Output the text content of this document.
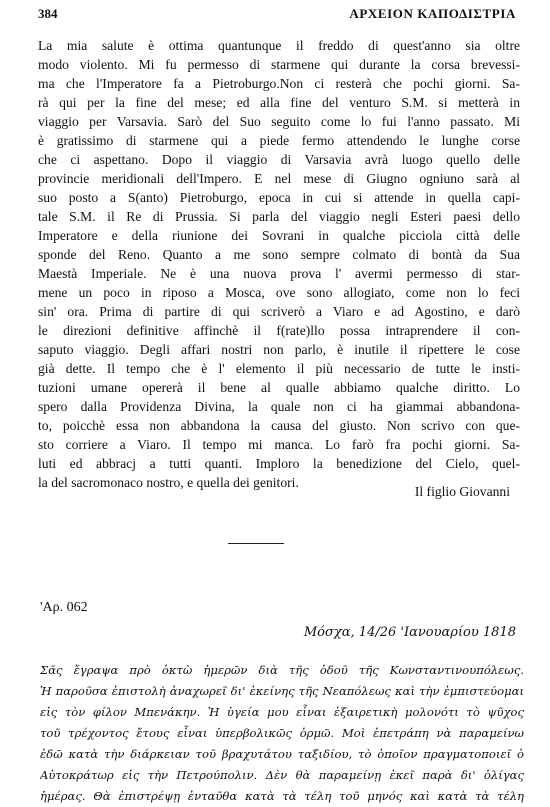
384	ΑΡΧΕΙΟΝ ΚΑΠΟΔΙΣΤΡΙΑ
La mia salute è ottima quantunque il freddo di quest'anno sia oltre
modo violento. Mi fu permesso di starmene qui durante la corsa brevessi-
ma che l'Imperatore fa a Pietroburgo.Non ci resterà che pochi giorni. Sa-
rà qui per la fine del mese; ed alla fine del venturo S.M. si metterà in
viaggio per Varsavia. Sarò del Suo seguito come lo fui l'anno passato. Mi
è gratissimo di starmene qui a piede fermo attendendo le lunghe corse
che ci aspettano. Dopo il viaggio di Varsavia avrà luogo quello delle
provincie meridionali dell'Impero. E nel mese di Giugno ogniuno sarà al
suo posto a S(anto) Pietroburgo, epoca in cui si attende in quella capi-
tale S.M. il Re di Prussia. Si parla del viaggio negli Esteri paesi dello
Imperatore e della riunione dei Sovrani in qualche picciola città delle
sponde del Reno. Quanto a me sono sempre colmato di bontà da Sua
Maestà Imperiale. Ne è una nuova prova l' avermi permesso di star-
mene un poco in riposo a Mosca, ove sono allogiato, come non lo feci
sin' ora. Prima di partire di qui scriverò a Viaro e ad Agostino, e darò
le direzioni definitive affinchè il f(rate)llo possa intraprendere il con-
saputo viaggio. Degli affari nostri non parlo, è inutile il ripettere le cose
già dette. Il tempo che è l' elemento il più necessario de tutte le insti-
tuzioni umane opererà il bene al qualle abbiamo qualche diritto. Lo
spero dalla Providenza Divina, la quale non ci ha giammai abbandona-
to, poicchè essa non abbandona la causa del giusto. Non scrivo con que-
sto corriere a Viaro. Il tempo mi manca. Lo farò fra pochi giorni. Sa-
luti ed abbracj a tutti quanti. Imploro la benedizione del Cielo, quel-
la del sacromonaco nostro, e quella dei genitori.
Il figlio Giovanni
'Αρ. 062
Μόσχα, 14/26 'Ιανουαρίου 1818
Σᾶς ἔγραψα πρὸ ὀκτὼ ἡμερῶν διὰ τῆς ὁδοῦ τῆς Κωνσταντινουπόλεως.
Ἡ παροῦσα ἐπιστολὴ ἀναχωρεῖ δι' ἐκείνης τῆς Νεαπόλεως καὶ τὴν ἐμπιστεύομαι
εἰς τὸν φίλον Μπενάκην. Ἡ ὑγεία μου εἶναι ἐξαιρετικὴ μολονότι τὸ ψῦχος
τοῦ τρέχοντος ἔτους εἶναι ὑπερβολικῶς ὁρμῶ. Μοὶ ἐπετράπη νὰ παραμείνω
ἐδῶ κατὰ τὴν διάρκειαν τοῦ βραχυτάτου ταξιδίου, τὸ ὁποῖον πραγματοποιεῖ ὁ
Αὐτοκράτωρ εἰς τὴν Πετρούπολιν. Δὲν θὰ παραμείνῃ ἐκεῖ παρὰ δι' ὀλίγας
ἡμέρας. Θὰ ἐπιστρέψῃ ἐνταῦθα κατὰ τὰ τέλη τοῦ μηνός καὶ κατὰ τὰ τέλη
